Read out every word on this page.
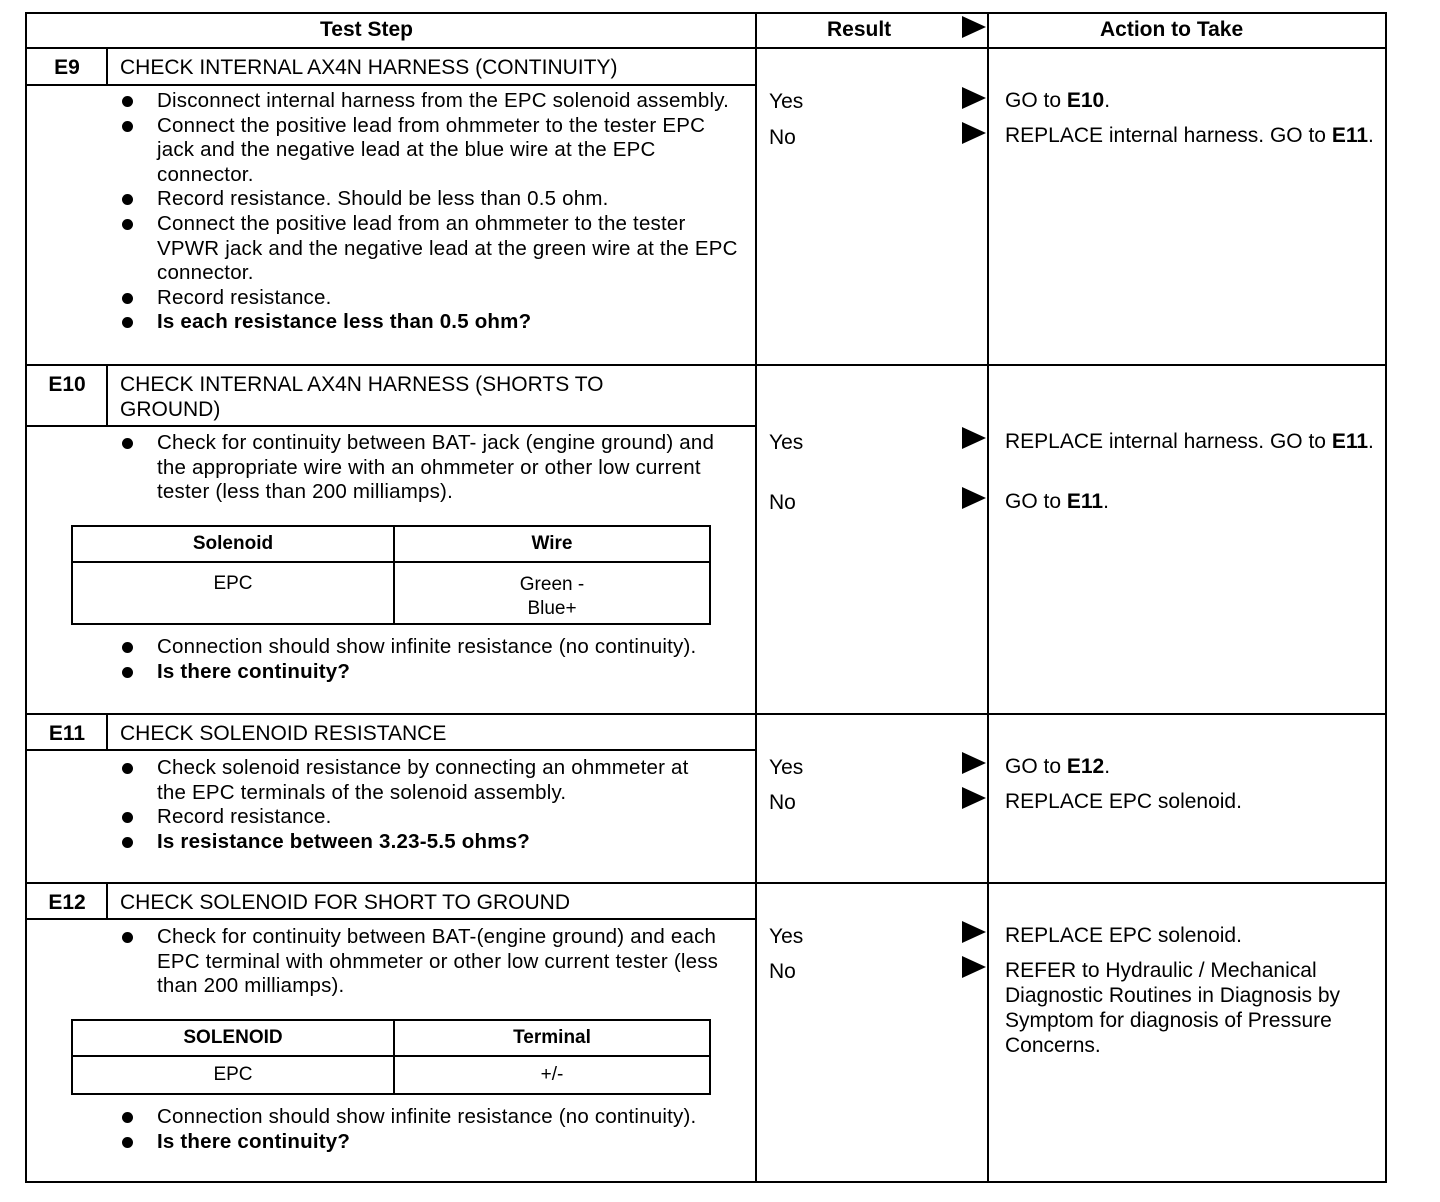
Test Step	Result	Action to Take
E9	CHECK INTERNAL AX4N HARNESS (CONTINUITY)
Disconnect internal harness from the EPC solenoid assembly.
Connect the positive lead from ohmmeter to the tester EPC jack and the negative lead at the blue wire at the EPC connector.
Record resistance. Should be less than 0.5 ohm.
Connect the positive lead from an ohmmeter to the tester VPWR jack and the negative lead at the green wire at the EPC connector.
Record resistance.
Is each resistance less than 0.5 ohm?
Yes	GO to E10.
No	REPLACE internal harness. GO to E11.
E10	CHECK INTERNAL AX4N HARNESS (SHORTS TO GROUND)
Check for continuity between BAT- jack (engine ground) and the appropriate wire with an ohmmeter or other low current tester (less than 200 milliamps).
Solenoid	Wire
EPC	Green -
Blue+
Connection should show infinite resistance (no continuity).
Is there continuity?
Yes	REPLACE internal harness. GO to E11.
No	GO to E11.
E11	CHECK SOLENOID RESISTANCE
Check solenoid resistance by connecting an ohmmeter at the EPC terminals of the solenoid assembly.
Record resistance.
Is resistance between 3.23-5.5 ohms?
Yes	GO to E12.
No	REPLACE EPC solenoid.
E12	CHECK SOLENOID FOR SHORT TO GROUND
Check for continuity between BAT-(engine ground) and each EPC terminal with ohmmeter or other low current tester (less than 200 milliamps).
SOLENOID	Terminal
EPC	+/-
Connection should show infinite resistance (no continuity).
Is there continuity?
Yes	REPLACE EPC solenoid.
No	REFER to Hydraulic / Mechanical Diagnostic Routines in Diagnosis by Symptom for diagnosis of Pressure Concerns.
